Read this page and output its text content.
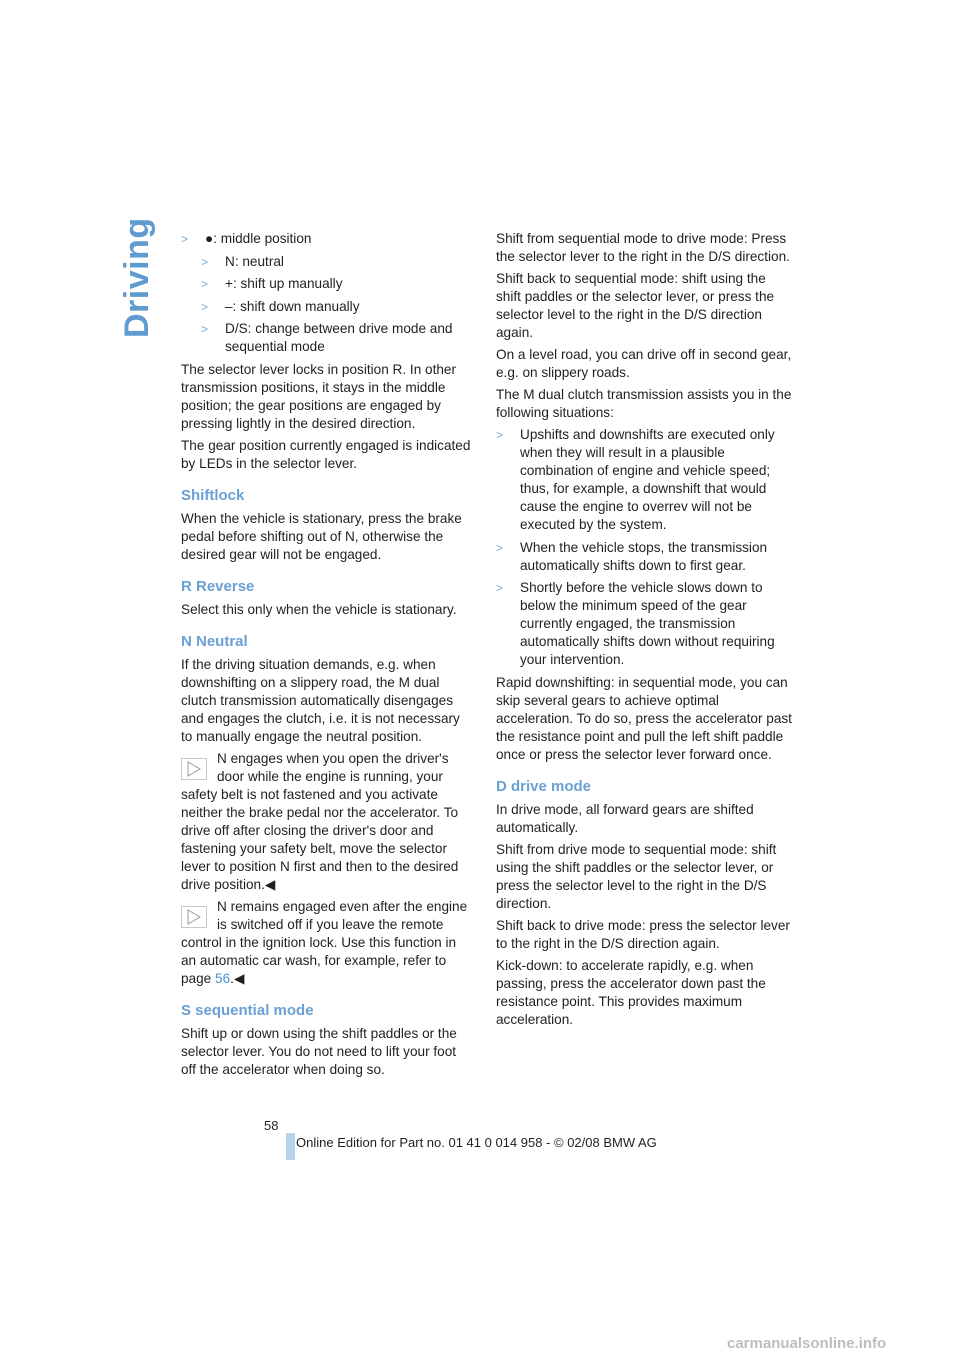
Driving > ●: middle position
> N: neutral
> +: shift up manually
> –: shift down manually
> D/S: change between drive mode and sequential mode

The selector lever locks in position R. In other transmission positions, it stays in the middle position; the gear positions are engaged by pressing lightly in the desired direction.

The gear position currently engaged is indicated by LEDs in the selector lever.

Shiftlock

When the vehicle is stationary, press the brake pedal before shifting out of N, otherwise the desired gear will not be engaged.

R Reverse

Select this only when the vehicle is stationary.

N Neutral

If the driving situation demands, e.g. when downshifting on a slippery road, the M dual clutch transmission automatically disengages and engages the clutch, i.e. it is not necessary to manually engage the neutral position.

N engages when you open the driver's door while the engine is running, your
safety belt is not fastened and you activate neither the brake pedal nor the accelerator. To drive off after closing the driver's door and fastening your safety belt, move the selector lever to position N first and then to the desired drive position.◀
N remains engaged even after the engine is switched off if you leave the remote
control in the ignition lock. Use this function in an automatic car wash, for example, refer to page 56.◀
S sequential mode

Shift up or down using the shift paddles or the selector lever. You do not need to lift your foot off the accelerator when doing so.

Shift from sequential mode to drive mode: Press the selector lever to the right in the D/S direction.

Shift back to sequential mode: shift using the shift paddles or the selector lever, or press the selector level to the right in the D/S direction again.

On a level road, you can drive off in second gear, e.g. on slippery roads.

The M dual clutch transmission assists you in the following situations:

> Upshifts and downshifts are executed only when they will result in a plausible combination of engine and vehicle speed; thus, for example, a downshift that would cause the engine to overrev will not be executed by the system.
> When the vehicle stops, the transmission automatically shifts down to first gear.
> Shortly before the vehicle slows down to below the minimum speed of the gear currently engaged, the transmission automatically shifts down without requiring your intervention.

Rapid downshifting: in sequential mode, you can skip several gears to achieve optimal acceleration. To do so, press the accelerator past the resistance point and pull the left shift paddle once or press the selector lever forward once.

D drive mode

In drive mode, all forward gears are shifted automatically.

Shift from drive mode to sequential mode: shift using the shift paddles or the selector lever, or press the selector level to the right in the D/S direction.

Shift back to drive mode: press the selector lever to the right in the D/S direction again.

Kick-down: to accelerate rapidly, e.g. when passing, press the accelerator down past the resistance point. This provides maximum acceleration.

58
Online Edition for Part no. 01 41 0 014 958 - © 02/08 BMW AG
carmanualsonline.info
